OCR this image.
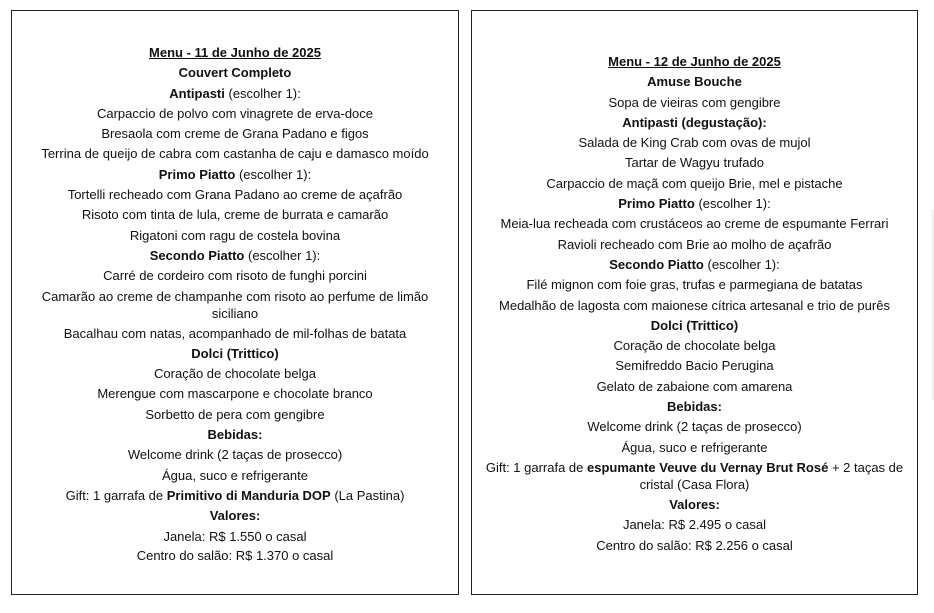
Menu - 11 de Junho de 2025

Couvert Completo

Antipasti (escolher 1):

Carpaccio de polvo com vinagrete de erva-doce

Bresaola com creme de Grana Padano e figos

Terrina de queijo de cabra com castanha de caju e damasco moído

Primo Piatto (escolher 1):

Tortelli recheado com Grana Padano ao creme de açafrão

Risoto com tinta de lula, creme de burrata e camarão

Rigatoni com ragu de costela bovina

Secondo Piatto (escolher 1):

Carré de cordeiro com risoto de funghi porcini

Camarão ao creme de champanhe com risoto ao perfume de limão siciliano

Bacalhau com natas, acompanhado de mil-folhas de batata

Dolci (Trittico)

Coração de chocolate belga

Merengue com mascarpone e chocolate branco

Sorbetto de pera com gengibre

Bebidas:

Welcome drink (2 taças de prosecco)

Água, suco e refrigerante

Gift: 1 garrafa de Primitivo di Manduria DOP (La Pastina)

Valores:

Janela: R$ 1.550 o casal

Centro do salão: R$ 1.370 o casal

Menu - 12 de Junho de 2025

Amuse Bouche

Sopa de vieiras com gengibre

Antipasti (degustação):

Salada de King Crab com ovas de mujol

Tartar de Wagyu trufado

Carpaccio de maçã com queijo Brie, mel e pistache

Primo Piatto (escolher 1):

Meia-lua recheada com crustáceos ao creme de espumante Ferrari

Ravioli recheado com Brie ao molho de açafrão

Secondo Piatto (escolher 1):

Filé mignon com foie gras, trufas e parmegiana de batatas

Medalhão de lagosta com maionese cítrica artesanal e trio de purês

Dolci (Trittico)

Coração de chocolate belga

Semifreddo Bacio Perugina

Gelato de zabaione com amarena

Bebidas:

Welcome drink (2 taças de prosecco)

Água, suco e refrigerante

Gift: 1 garrafa de espumante Veuve du Vernay Brut Rosé + 2 taças de cristal (Casa Flora)

Valores:

Janela: R$ 2.495 o casal

Centro do salão: R$ 2.256 o casal
